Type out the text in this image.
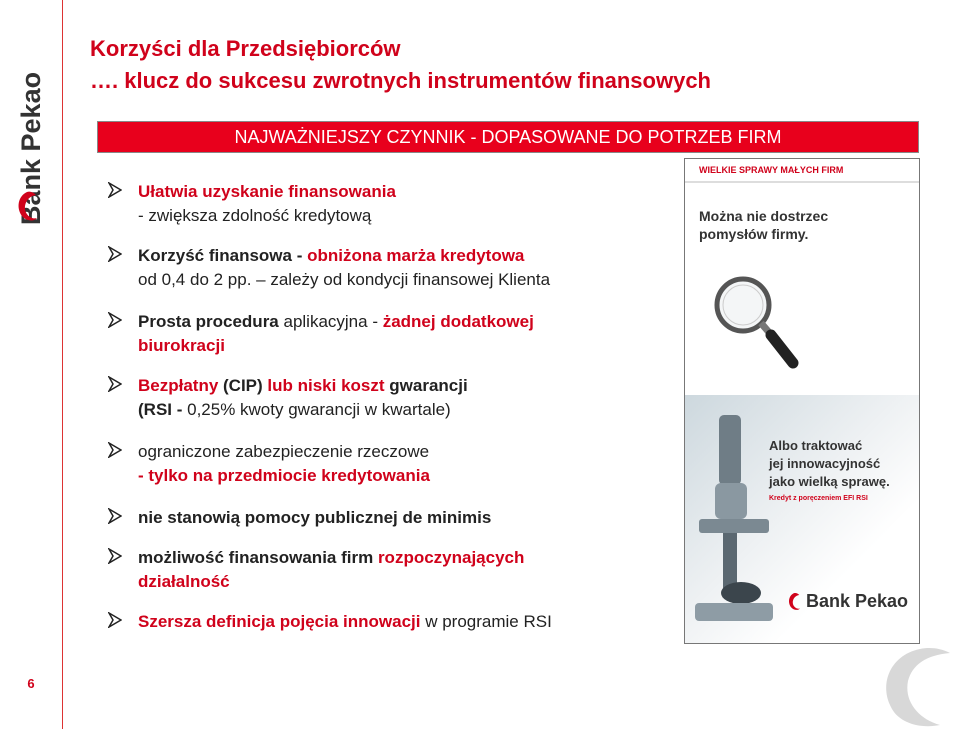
Bank Pekao
6
Korzyści dla Przedsiębiorców
…. klucz do sukcesu zwrotnych instrumentów finansowych
NAJWAŻNIEJSZY CZYNNIK - DOPASOWANE DO POTRZEB FIRM
Ułatwia uzyskanie finansowania
- zwiększa zdolność kredytową
Korzyść finansowa - obniżona marża kredytowa
od 0,4 do 2 pp. – zależy od kondycji finansowej Klienta
Prosta procedura aplikacyjna - żadnej dodatkowej
biurokracji
Bezpłatny (CIP) lub niski koszt gwarancji
(RSI - 0,25% kwoty gwarancji w kwartale)
ograniczone zabezpieczenie rzeczowe
- tylko na przedmiocie kredytowania
nie stanowią pomocy publicznej de minimis
możliwość finansowania firm rozpoczynających
działalność
Szersza definicja pojęcia innowacji w programie RSI
WIELKIE SPRAWY MAŁYCH FIRM
Można nie dostrzec
pomysłów firmy.
Albo traktować
jej innowacyjność
jako wielką sprawę.
Kredyt z poręczeniem EFI RSI
Bank Pekao
